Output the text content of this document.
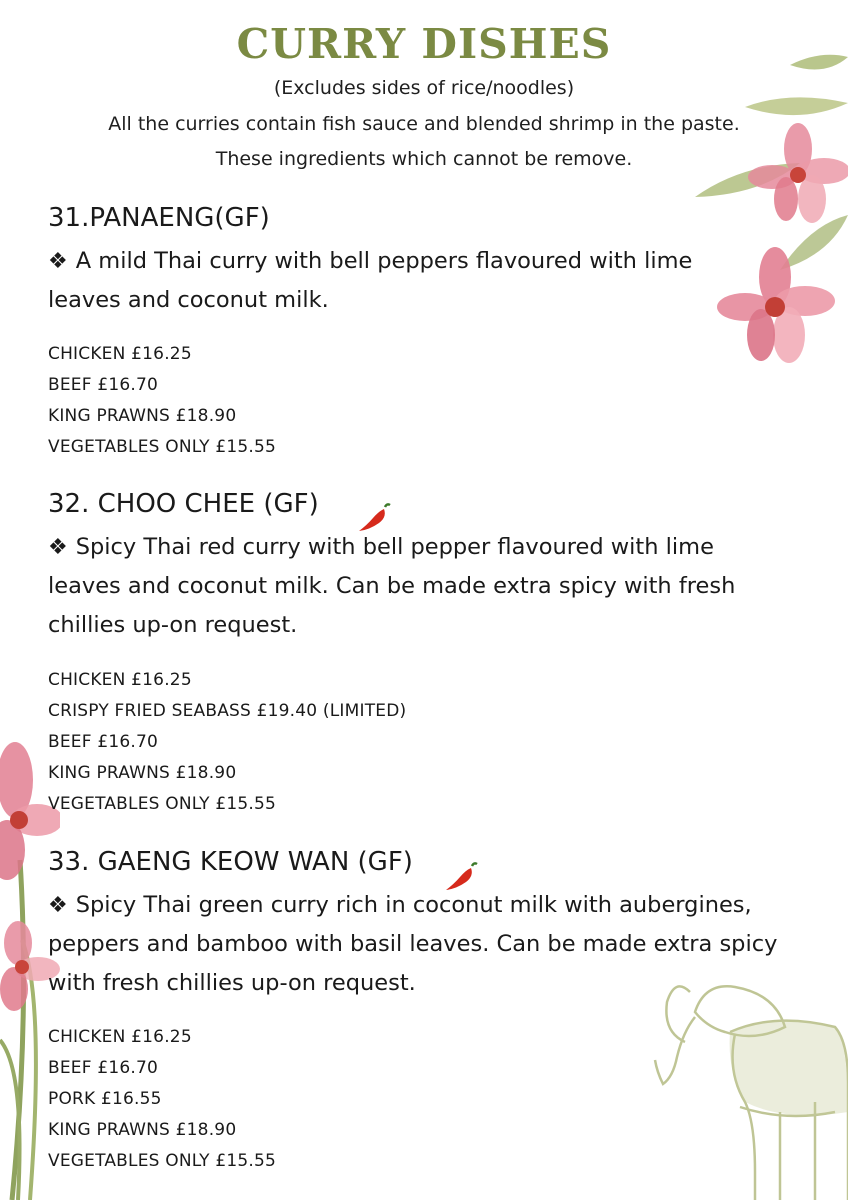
CURRY DISHES
(Excludes sides of rice/noodles)
All the curries contain fish sauce and blended shrimp in the paste.
These ingredients which cannot be remove.
31.PANAENG(GF)
❖ A mild Thai curry with bell peppers flavoured with lime leaves and coconut milk.
CHICKEN £16.25
BEEF £16.70
KING PRAWNS £18.90
VEGETABLES ONLY £15.55
32. CHOO CHEE (GF)
❖ Spicy Thai red curry with bell pepper flavoured with lime leaves and coconut milk. Can be made extra spicy with fresh chillies up-on request.
CHICKEN £16.25
CRISPY FRIED SEABASS £19.40 (LIMITED)
BEEF £16.70
KING PRAWNS £18.90
VEGETABLES ONLY £15.55
33. GAENG KEOW WAN (GF)
❖ Spicy Thai green curry rich in coconut milk with aubergines, peppers and bamboo with basil leaves. Can be made extra spicy with fresh chillies up-on request.
CHICKEN £16.25
BEEF £16.70
PORK £16.55
KING PRAWNS £18.90
VEGETABLES ONLY £15.55
